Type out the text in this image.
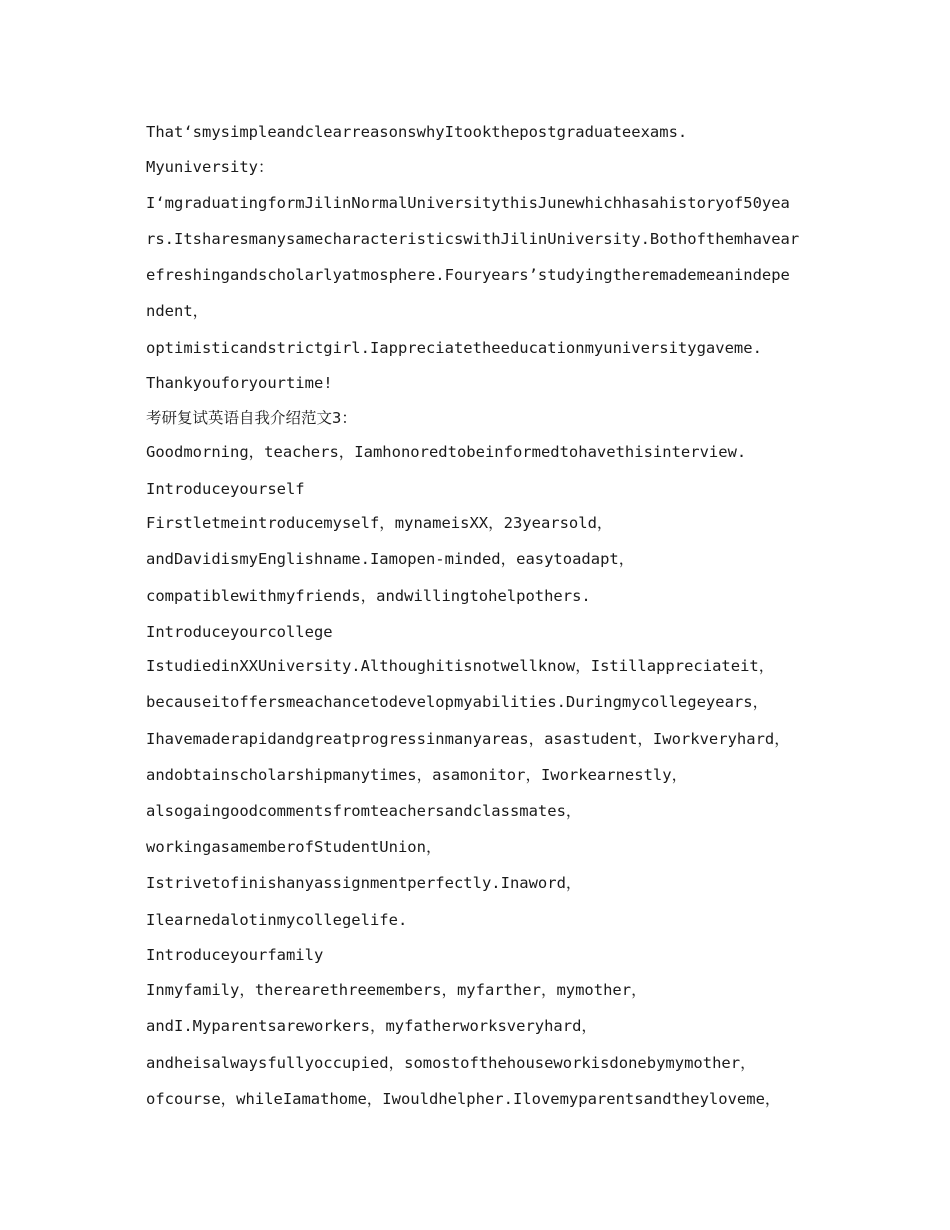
That‘smysimpleandclearreasonswhyItookthepostgraduateexams.
Myuniversity：
I‘mgraduatingformJilinNormalUniversitythisJunewhichhasahistoryof50yea
rs.ItsharesmanysamecharacteristicswithJilinUniversity.Bothofthemhavear
efreshingandscholarlyatmosphere.Fouryears’studyingtheremademeanindepe
ndent，
optimisticandstrictgirl.Iappreciatetheeducationmyuniversitygaveme.
Thankyouforyourtime!
考研复试英语自我介绍范文3：
Goodmorning，teachers，Iamhonoredtobeinformedtohavethisinterview.
Introduceyourself
Firstletmeintroducemyself，mynameisXX，23yearsold，
andDavidismyEnglishname.Iamopen-minded，easytoadapt，
compatiblewithmyfriends，andwillingtohelpothers.
Introduceyourcollege
IstudiedinXXUniversity.Althoughitisnotwellknow，Istillappreciateit，
becauseitoffersmeachancetodevelopmyabilities.Duringmycollegeyears，
Ihavemaderapidandgreatprogressinmanyareas，asastudent，Iworkveryhard，
andobtainscholarshipmanytimes，asamonitor，Iworkearnestly，
alsogaingoodcommentsfromteachersandclassmates，
workingasamemberofStudentUnion，
Istrivetofinishanyassignmentperfectly.Inaword，
Ilearnedalotinmycollegelife.
Introduceyourfamily
Inmyfamily，therearethreemembers，myfarther，mymother，
andI.Myparentsareworkers，myfatherworksveryhard，
andheisalwaysfullyoccupied，somostofthehouseworkisdonebymymother，
ofcourse，whileIamathome，Iwouldhelpher.Ilovemyparentsandtheyloveme，
